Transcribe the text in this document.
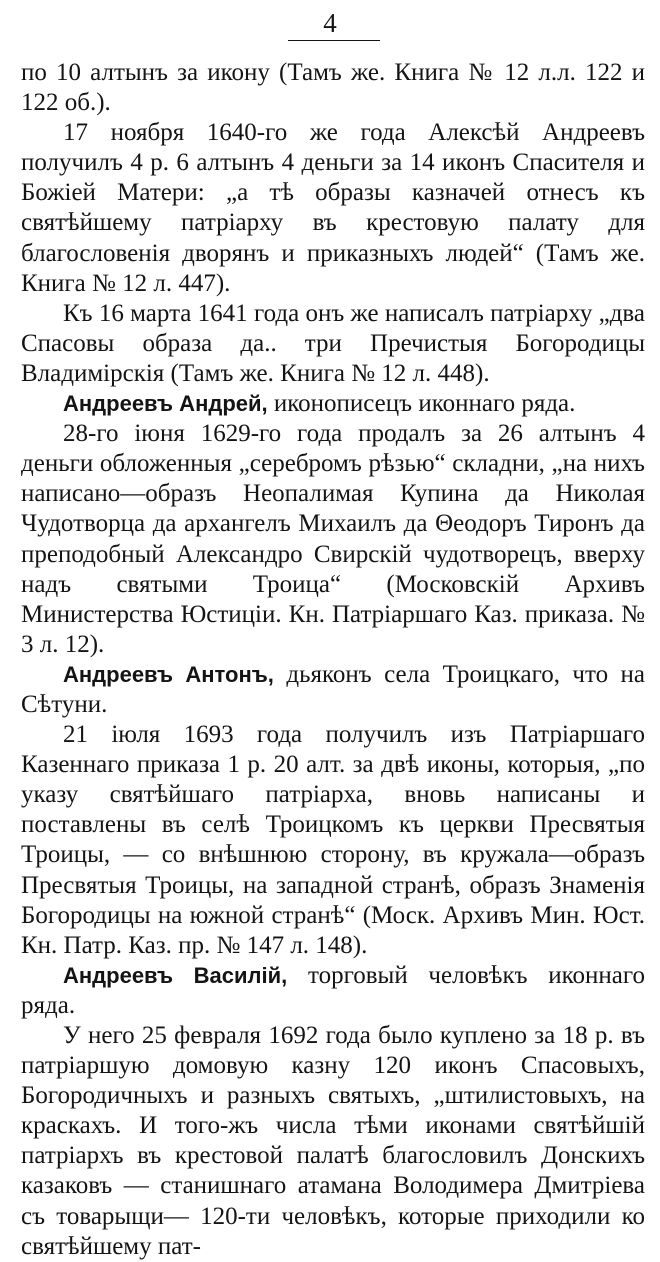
4

по 10 алтынъ за икону (Тамъ же. Книга № 12 л.л. 122 и 122 об.).

17 ноября 1640-го же года Алексѣй Андреевъ получилъ 4 р. 6 алтынъ 4 деньги за 14 иконъ Спасителя и Божiей Матери: „а тѣ образы казначей отнесъ къ святѣйшему патрiарху въ крестовую палату для благословенiя дворянъ и приказныхъ людей“ (Тамъ же. Книга № 12 л. 447).

Къ 16 марта 1641 года онъ же написалъ патрiарху „два Спасовы образа да.. три Пречистыя Богородицы Владимiрскiя (Тамъ же. Книга № 12 л. 448).

Андреевъ Андрей, иконописецъ иконнаго ряда.

28-го iюня 1629-го года продалъ за 26 алтынъ 4 деньги обложенныя „серебромъ рѣзью“ складни, „на нихъ написано—образъ Неопалимая Купина да Николая Чудотворца да архангелъ Михаилъ да Θеодоръ Тиронъ да преподобный Александро Свирскiй чудотворецъ, вверху надъ святыми Троица“ (Московскiй Архивъ Министерства Юстицiи. Кн. Патрiаршаго Каз. приказа. № 3 л. 12).

Андреевъ Антонъ, дьяконъ села Троицкаго, что на Сѣтуни.

21 iюля 1693 года получилъ изъ Патрiаршаго Казеннаго приказа 1 р. 20 алт. за двѣ иконы, которыя, „по указу святѣйшаго патрiарха, вновь написаны и поставлены въ селѣ Троицкомъ къ церкви Пресвятыя Троицы, — со внѣшнюю сторону, въ кружала—образъ Пресвятыя Троицы, на западной странѣ, образъ Знаменiя Богородицы на южной странѣ“ (Моск. Архивъ Мин. Юст. Кн. Патр. Каз. пр. № 147 л. 148).

Андреевъ Василiй, торговый человѣкъ иконнаго ряда.

У него 25 февраля 1692 года было куплено за 18 р. въ патрiаршую домовую казну 120 иконъ Спасовыхъ, Богородичныхъ и разныхъ святыхъ, „штилистовыхъ, на краскахъ. И того-жъ числа тѣми иконами святѣйшiй патрiархъ въ крестовой палатѣ благословилъ Донскихъ казаковъ — станишнаго атамана Володимера Дмитрiева съ товарыщи— 120-ти человѣкъ, которые приходили ко святѣйшему пат-
